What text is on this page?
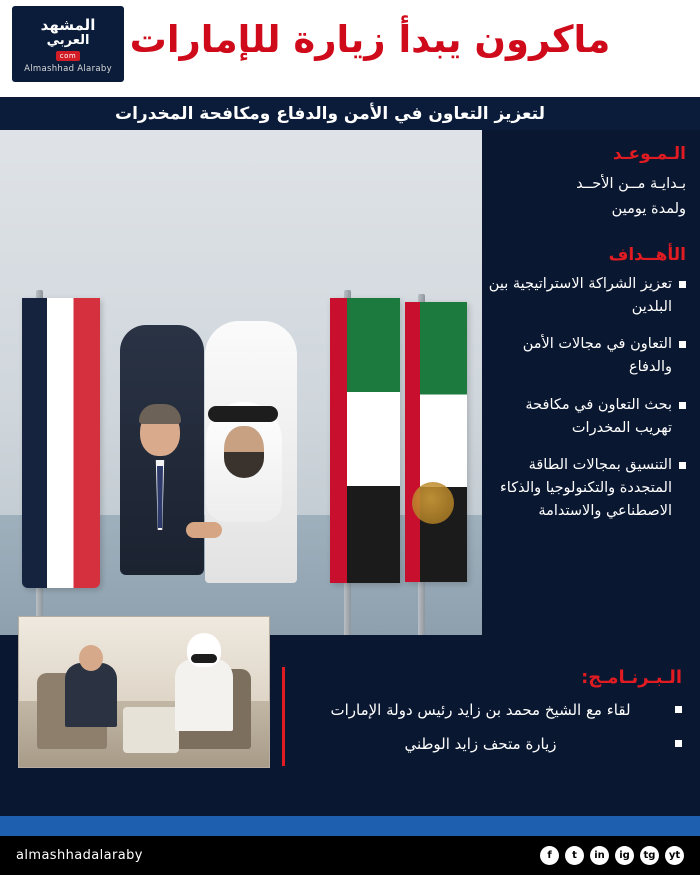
ماكرون يبدأ زيارة للإمارات
المشهد
العربي
com
Almashhad Alaraby
لتعزيز التعاون في الأمن والدفاع ومكافحة المخدرات
الـمـوعـد
بـدايـة مــن الأحــد
ولمدة يومين
الأهــداف
تعزيز الشراكة الاستراتيجية بين البلدين
التعاون في مجالات الأمن والدفاع
بحث التعاون في مكافحة تهريب المخدرات
التنسيق بمجالات الطاقة المتجددة والتكنولوجيا والذكاء الاصطناعي والاستدامة
الـبـرنـامـج:
لقاء مع الشيخ محمد بن زايد رئيس دولة الإمارات
زيارة متحف زايد الوطني
almashhadalaraby	f	t	in	ig	tg	yt
